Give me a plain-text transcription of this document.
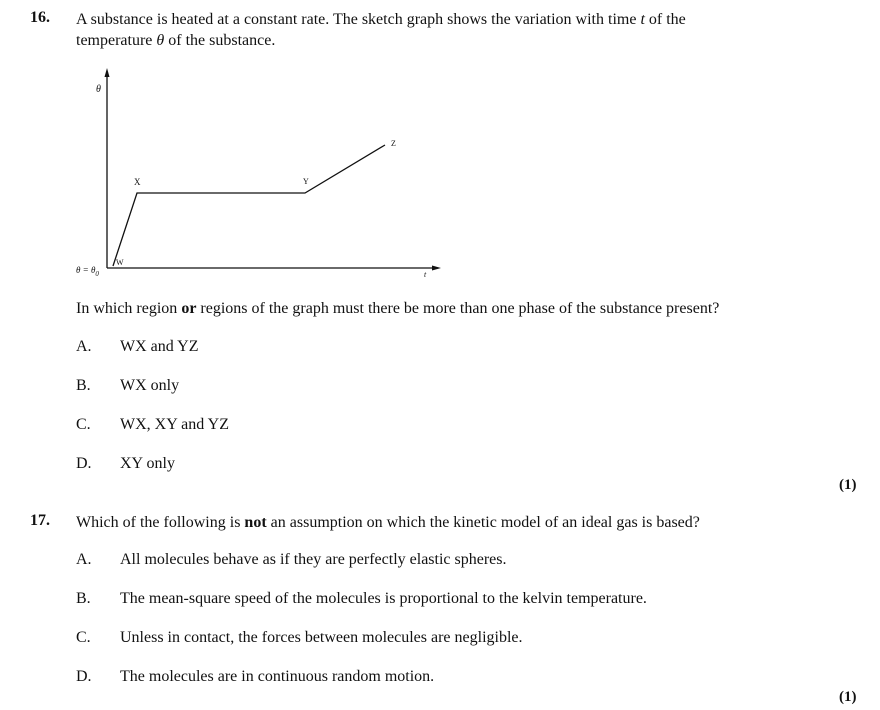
16. A substance is heated at a constant rate. The sketch graph shows the variation with time t of the
temperature θ of the substance.
θ
t
$\theta = \theta_0$
W
X	Y
Z
In which region or regions of the graph must there be more than one phase of the substance present?
A. WX and YZ
B. WX only
C. WX, XY and YZ
D. XY only
(1)
17. Which of the following is not an assumption on which the kinetic model of an ideal gas is based?
A. All molecules behave as if they are perfectly elastic spheres.
B. The mean-square speed of the molecules is proportional to the kelvin temperature.
C. Unless in contact, the forces between molecules are negligible.
D. The molecules are in continuous random motion.
(1)
